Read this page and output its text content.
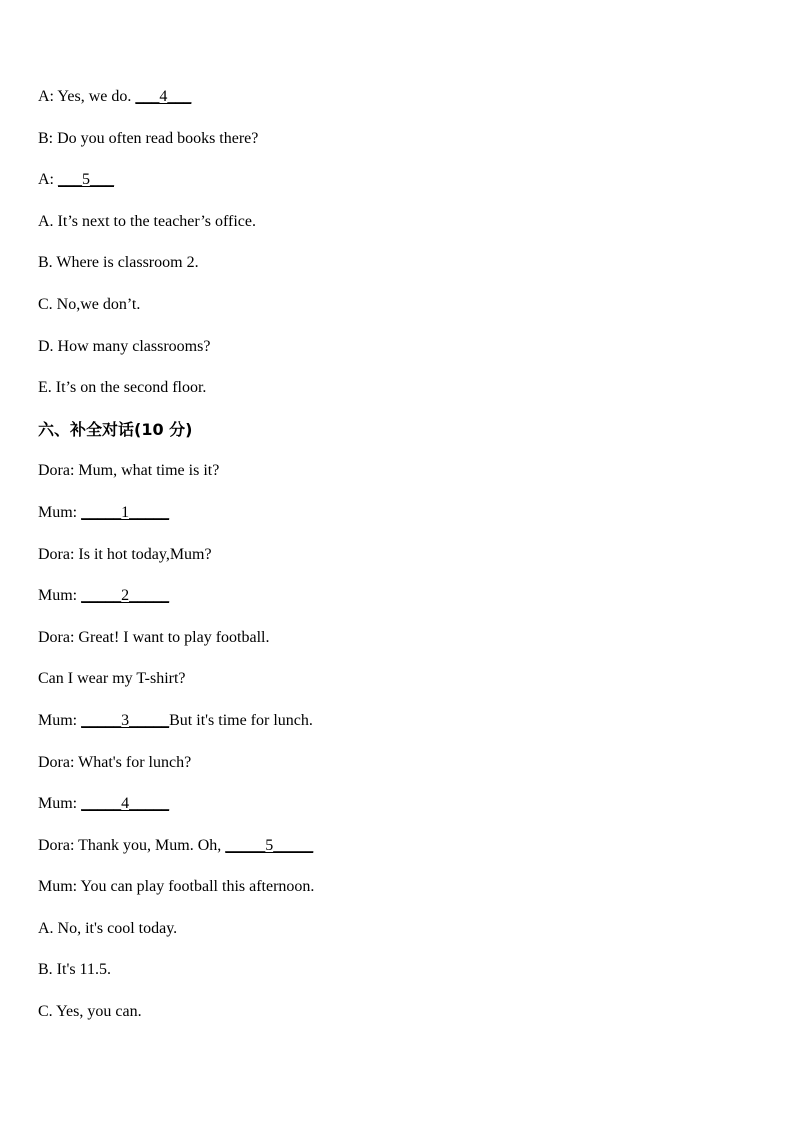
A: Yes, we do. ___4___
B: Do you often read books there?
A: ___5___
A. It’s next to the teacher’s office.
B. Where is classroom 2.
C. No,we don’t.
D. How many classrooms?
E. It’s on the second floor.
六、补全对话(10 分)
Dora: Mum, what time is it?
Mum: _____1_____
Dora: Is it hot today,Mum?
Mum: _____2_____
Dora: Great! I want to play football.
Can I wear my T-shirt?
Mum: _____3_____But it's time for lunch.
Dora: What's for lunch?
Mum: _____4_____
Dora: Thank you, Mum. Oh, _____5_____
Mum: You can play football this afternoon.
A. No, it's cool today.
B. It's 11.5.
C. Yes, you can.
